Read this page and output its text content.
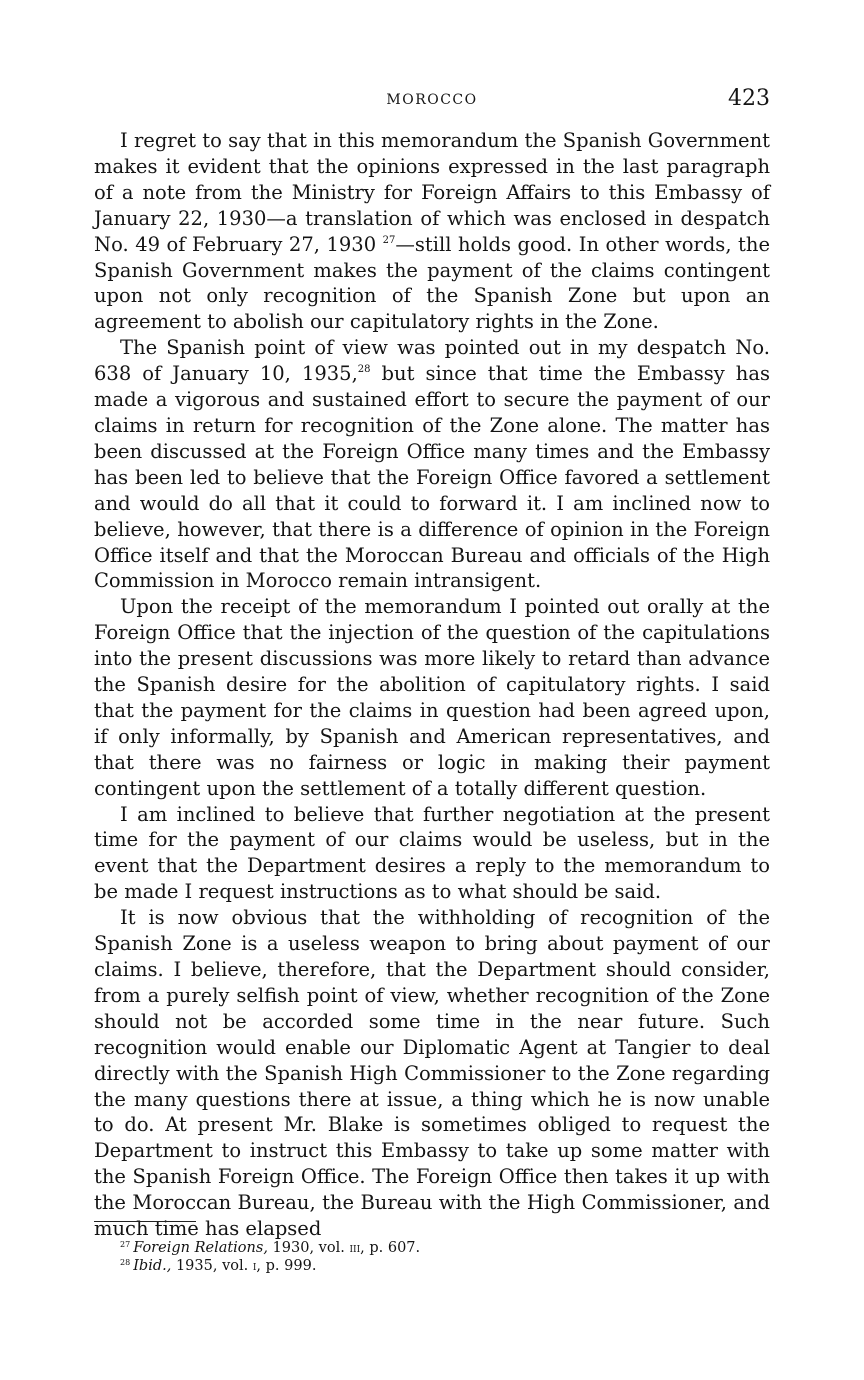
MOROCCO	423

I regret to say that in this memorandum the Spanish Government makes it evident that the opinions expressed in the last paragraph of a note from the Ministry for Foreign Affairs to this Embassy of January 22, 1930—a translation of which was enclosed in despatch No. 49 of February 27, 1930 $^{27}$—still holds good. In other words, the Spanish Government makes the payment of the claims contingent upon not only recognition of the Spanish Zone but upon an agreement to abolish our capitulatory rights in the Zone.

The Spanish point of view was pointed out in my despatch No. 638 of January 10, 1935,28 but since that time the Embassy has made a vigorous and sustained effort to secure the payment of our claims in return for recognition of the Zone alone. The matter has been discussed at the Foreign Office many times and the Embassy has been led to believe that the Foreign Office favored a settlement and would do all that it could to forward it. I am inclined now to believe, however, that there is a difference of opinion in the Foreign Office itself and that the Moroccan Bureau and officials of the High Commission in Morocco remain intransigent.

Upon the receipt of the memorandum I pointed out orally at the Foreign Office that the injection of the question of the capitulations into the present discussions was more likely to retard than advance the Spanish desire for the abolition of capitulatory rights. I said that the payment for the claims in question had been agreed upon, if only informally, by Spanish and American representatives, and that there was no fairness or logic in making their payment contingent upon the settlement of a totally different question.

I am inclined to believe that further negotiation at the present time for the payment of our claims would be useless, but in the event that the Department desires a reply to the memorandum to be made I request instructions as to what should be said.

It is now obvious that the withholding of recognition of the Spanish Zone is a useless weapon to bring about payment of our claims. I believe, therefore, that the Department should consider, from a purely selfish point of view, whether recognition of the Zone should not be accorded some time in the near future. Such recognition would enable our Diplomatic Agent at Tangier to deal directly with the Spanish High Commissioner to the Zone regarding the many questions there at issue, a thing which he is now unable to do. At present Mr. Blake is sometimes obliged to request the Department to instruct this Embassy to take up some matter with the Spanish Foreign Office. The Foreign Office then takes it up with the Moroccan Bureau, the Bureau with the High Commissioner, and much time has elapsed

$^{27}$ Foreign Relations, 1930, vol. iii, p. 607.

$^{28}$ Ibid., 1935, vol. i, p. 999.
